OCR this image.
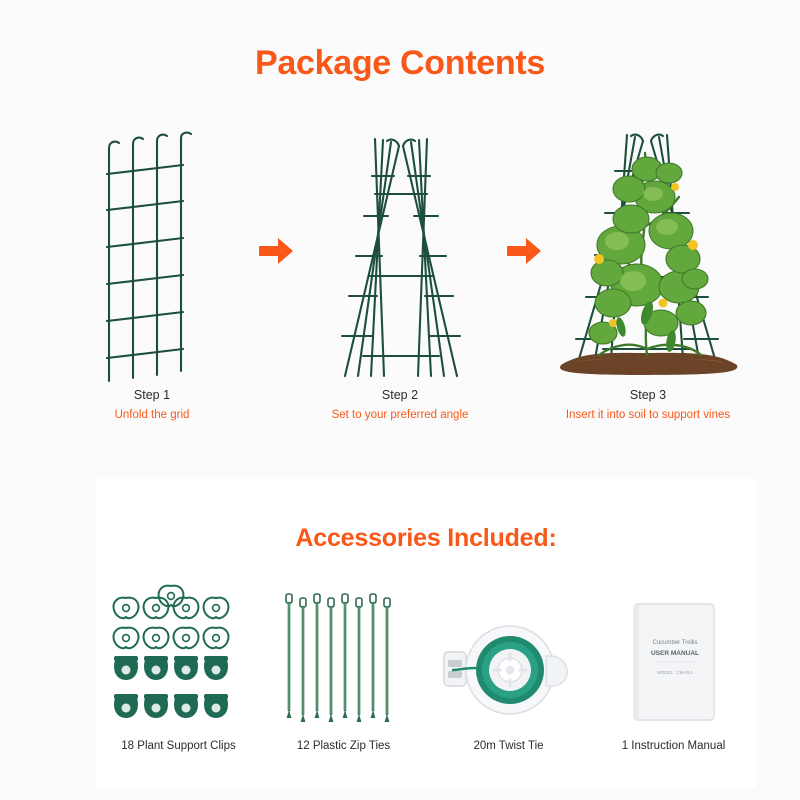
Package Contents
Step 1
Unfold the grid
Step 2
Set to your preferred angle
Step 3
Insert it into soil to support vines
Accessories Included:
18 Plant Support Clips	12 Plastic Zip Ties	20m Twist Tie
Cucumber Trellis
USER MANUAL
MODEL : CM-01A
1 Instruction Manual
